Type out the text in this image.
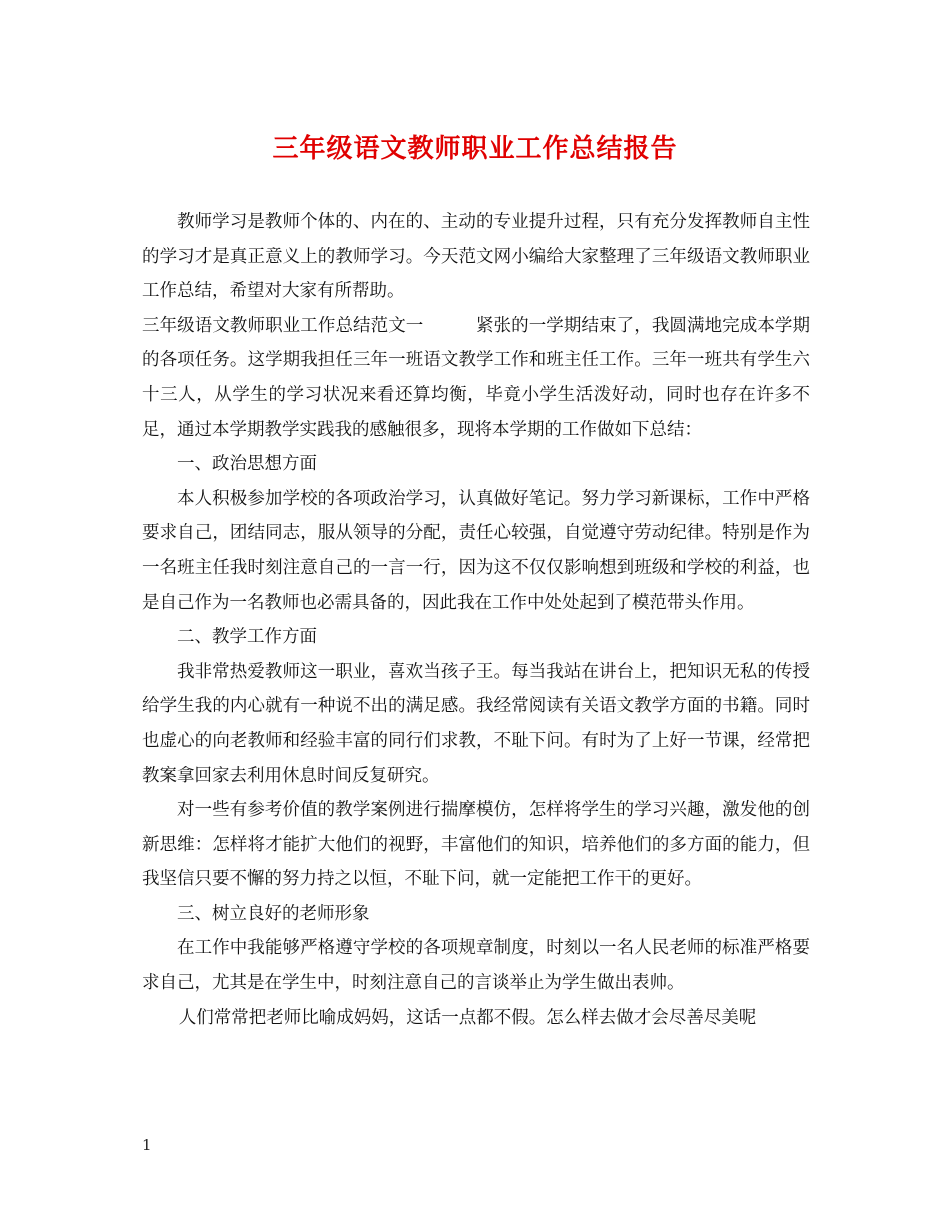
三年级语文教师职业工作总结报告

教师学习是教师个体的、内在的、主动的专业提升过程，只有充分发挥教师自主性的学习才是真正意义上的教师学习。今天范文网小编给大家整理了三年级语文教师职业工作总结，希望对大家有所帮助。

三年级语文教师职业工作总结范文一	紧张的一学期结束了，我圆满地完成本学期的各项任务。这学期我担任三年一班语文教学工作和班主任工作。三年一班共有学生六十三人，从学生的学习状况来看还算均衡，毕竟小学生活泼好动，同时也存在许多不足，通过本学期教学实践我的感触很多，现将本学期的工作做如下总结：

一、政治思想方面

本人积极参加学校的各项政治学习，认真做好笔记。努力学习新课标，工作中严格要求自己，团结同志，服从领导的分配，责任心较强，自觉遵守劳动纪律。特别是作为一名班主任我时刻注意自己的一言一行，因为这不仅仅影响想到班级和学校的利益，也是自己作为一名教师也必需具备的，因此我在工作中处处起到了模范带头作用。

二、教学工作方面

我非常热爱教师这一职业，喜欢当孩子王。每当我站在讲台上，把知识无私的传授给学生我的内心就有一种说不出的满足感。我经常阅读有关语文教学方面的书籍。同时也虚心的向老教师和经验丰富的同行们求教，不耻下问。有时为了上好一节课，经常把教案拿回家去利用休息时间反复研究。

对一些有参考价值的教学案例进行揣摩模仿，怎样将学生的学习兴趣，激发他的创新思维：怎样将才能扩大他们的视野，丰富他们的知识，培养他们的多方面的能力，但我坚信只要不懈的努力持之以恒，不耻下问，就一定能把工作干的更好。

三、树立良好的老师形象

在工作中我能够严格遵守学校的各项规章制度，时刻以一名人民老师的标准严格要求自己，尤其是在学生中，时刻注意自己的言谈举止为学生做出表帅。

人们常常把老师比喻成妈妈，这话一点都不假。怎么样去做才会尽善尽美呢

1
